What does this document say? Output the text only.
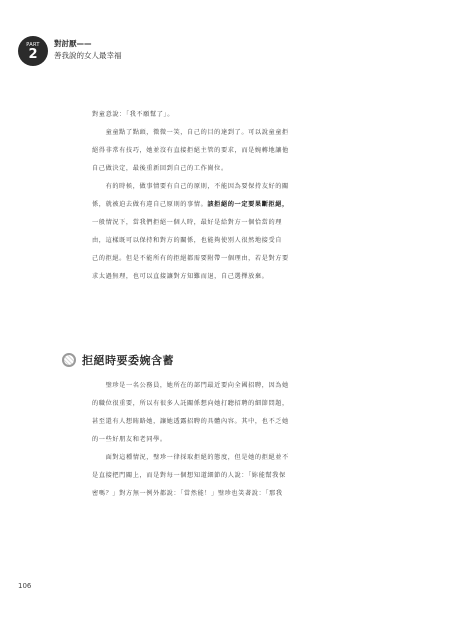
PART
2
對討厭——
善我說的女人最幸福

對童意說：「我不願幫了」。

　　童童點了點頭，微微一笑，自己的目的達到了。可以說童童拒

絕得非常有技巧，她並沒有直接拒絕主管的要求，而是婉轉地讓他

自己做決定，最後重新回到自己的工作崗位。

　　有的時候，做事情要有自己的原則，不能因為要保持友好的關

係，就被迫去做有違自己原則的事情。該拒絕的一定要果斷拒絕，

一般情況下，當我們拒絕一個人時，最好是給對方一個恰當的理

由，這樣既可以保持和對方的關係，也能夠使別人很然地接受自

己的拒絕。但是不能所有的拒絕都需要附帶一個理由，若是對方要

求太過無理，也可以直接讓對方知難而退，自己選擇放棄。

拒絕時要委婉含蓄

　　璧珍是一名公務員，她所在的部門最近要向全國招聘，因為她

的職位很重要，所以有很多人託關係想向她打聽招聘的細節問題，

甚至還有人想賄賂她，讓她透露招聘的具體內容。其中，也不乏她

的一些好朋友和老同學。

　　面對這種情況，璧珍一律採取拒絕的態度，但是她的拒絕並不

是直接把門關上，而是對每一個想知道細節的人說：「妳能幫我保

密嗎？」對方無一例外都說：「當然能！」璧珍也笑著說：「那我

106
